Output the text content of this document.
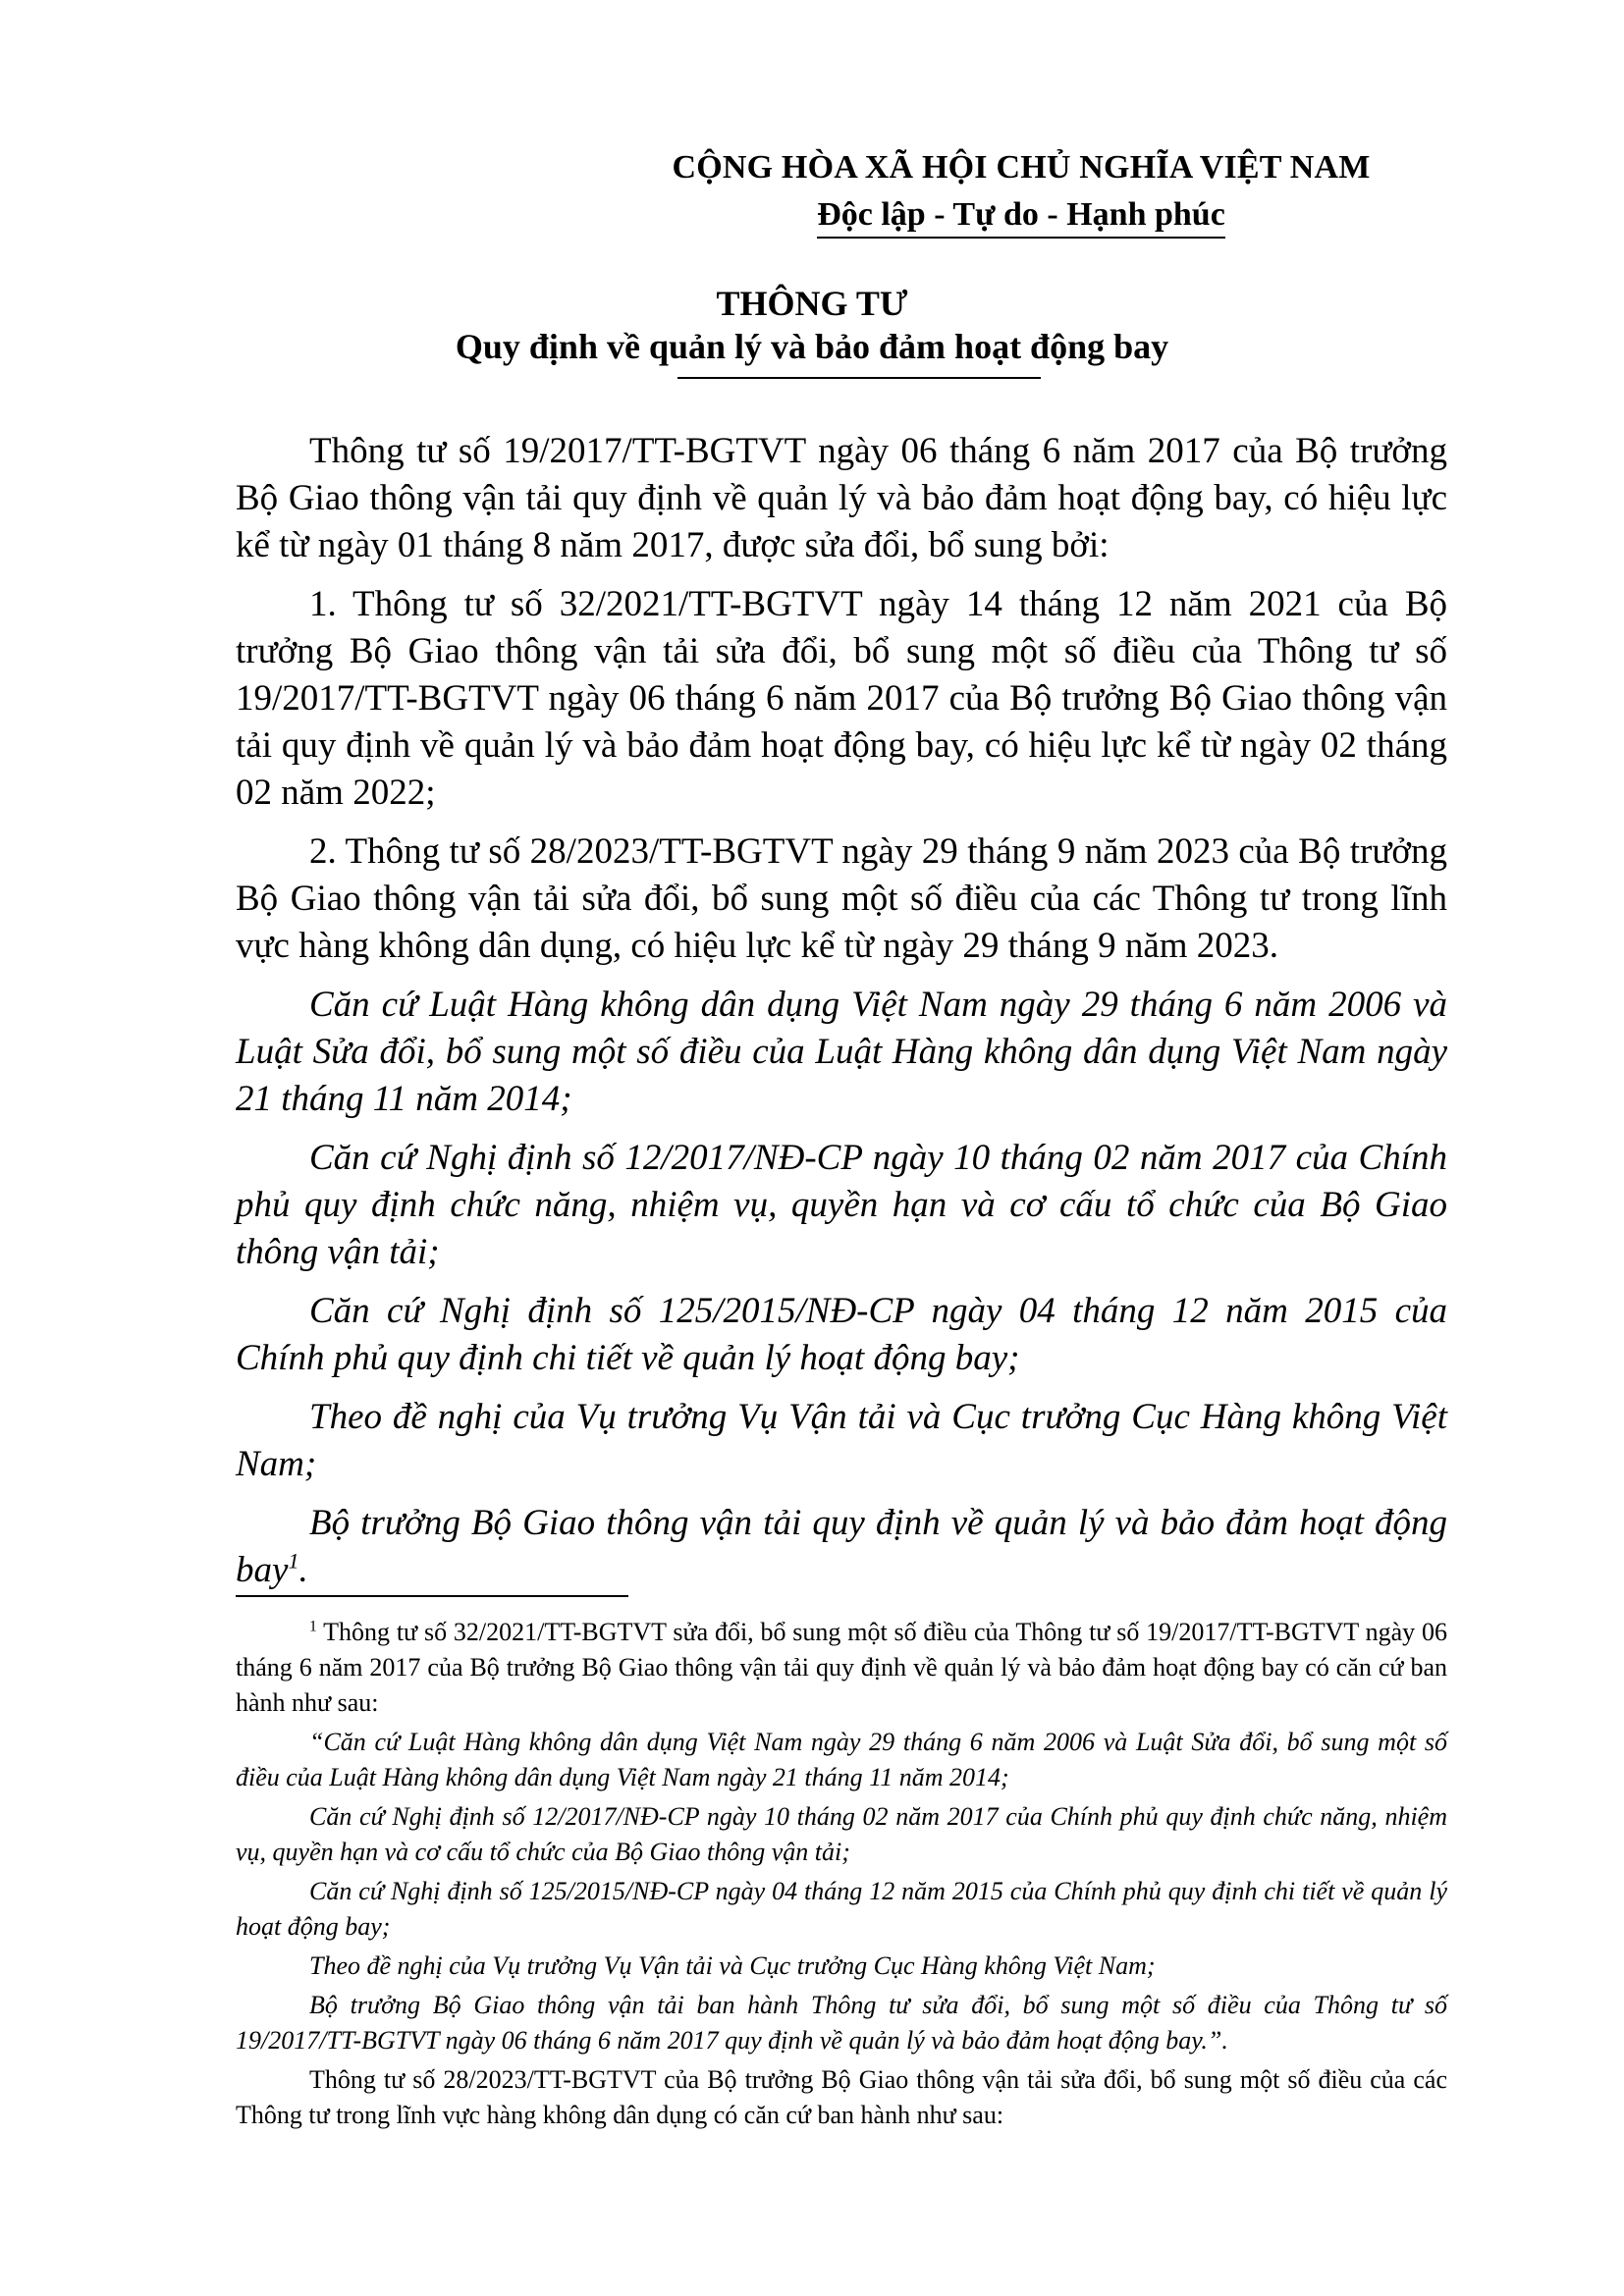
CỘNG HÒA XÃ HỘI CHỦ NGHĨA VIỆT NAM
Độc lập - Tự do - Hạnh phúc
THÔNG TƯ
Quy định về quản lý và bảo đảm hoạt động bay

Thông tư số 19/2017/TT-BGTVT ngày 06 tháng 6 năm 2017 của Bộ trưởng Bộ Giao thông vận tải quy định về quản lý và bảo đảm hoạt động bay, có hiệu lực kể từ ngày 01 tháng 8 năm 2017, được sửa đổi, bổ sung bởi:

1. Thông tư số 32/2021/TT-BGTVT ngày 14 tháng 12 năm 2021 của Bộ trưởng Bộ Giao thông vận tải sửa đổi, bổ sung một số điều của Thông tư số 19/2017/TT-BGTVT ngày 06 tháng 6 năm 2017 của Bộ trưởng Bộ Giao thông vận tải quy định về quản lý và bảo đảm hoạt động bay, có hiệu lực kể từ ngày 02 tháng 02 năm 2022;

2. Thông tư số 28/2023/TT-BGTVT ngày 29 tháng 9 năm 2023 của Bộ trưởng Bộ Giao thông vận tải sửa đổi, bổ sung một số điều của các Thông tư trong lĩnh vực hàng không dân dụng, có hiệu lực kể từ ngày 29 tháng 9 năm 2023.

Căn cứ Luật Hàng không dân dụng Việt Nam ngày 29 tháng 6 năm 2006 và Luật Sửa đổi, bổ sung một số điều của Luật Hàng không dân dụng Việt Nam ngày 21 tháng 11 năm 2014;

Căn cứ Nghị định số 12/2017/NĐ-CP ngày 10 tháng 02 năm 2017 của Chính phủ quy định chức năng, nhiệm vụ, quyền hạn và cơ cấu tổ chức của Bộ Giao thông vận tải;

Căn cứ Nghị định số 125/2015/NĐ-CP ngày 04 tháng 12 năm 2015 của Chính phủ quy định chi tiết về quản lý hoạt động bay;

Theo đề nghị của Vụ trưởng Vụ Vận tải và Cục trưởng Cục Hàng không Việt Nam;

Bộ trưởng Bộ Giao thông vận tải quy định về quản lý và bảo đảm hoạt động bay$^1$.

$^1$ Thông tư số 32/2021/TT-BGTVT sửa đổi, bổ sung một số điều của Thông tư số 19/2017/TT-BGTVT ngày 06 tháng 6 năm 2017 của Bộ trưởng Bộ Giao thông vận tải quy định về quản lý và bảo đảm hoạt động bay có căn cứ ban hành như sau:

“Căn cứ Luật Hàng không dân dụng Việt Nam ngày 29 tháng 6 năm 2006 và Luật Sửa đổi, bổ sung một số điều của Luật Hàng không dân dụng Việt Nam ngày 21 tháng 11 năm 2014;

Căn cứ Nghị định số 12/2017/NĐ-CP ngày 10 tháng 02 năm 2017 của Chính phủ quy định chức năng, nhiệm vụ, quyền hạn và cơ cấu tổ chức của Bộ Giao thông vận tải;

Căn cứ Nghị định số 125/2015/NĐ-CP ngày 04 tháng 12 năm 2015 của Chính phủ quy định chi tiết về quản lý hoạt động bay;

Theo đề nghị của Vụ trưởng Vụ Vận tải và Cục trưởng Cục Hàng không Việt Nam;

Bộ trưởng Bộ Giao thông vận tải ban hành Thông tư sửa đổi, bổ sung một số điều của Thông tư số 19/2017/TT-BGTVT ngày 06 tháng 6 năm 2017 quy định về quản lý và bảo đảm hoạt động bay.”.

Thông tư số 28/2023/TT-BGTVT của Bộ trưởng Bộ Giao thông vận tải sửa đổi, bổ sung một số điều của các Thông tư trong lĩnh vực hàng không dân dụng có căn cứ ban hành như sau:
